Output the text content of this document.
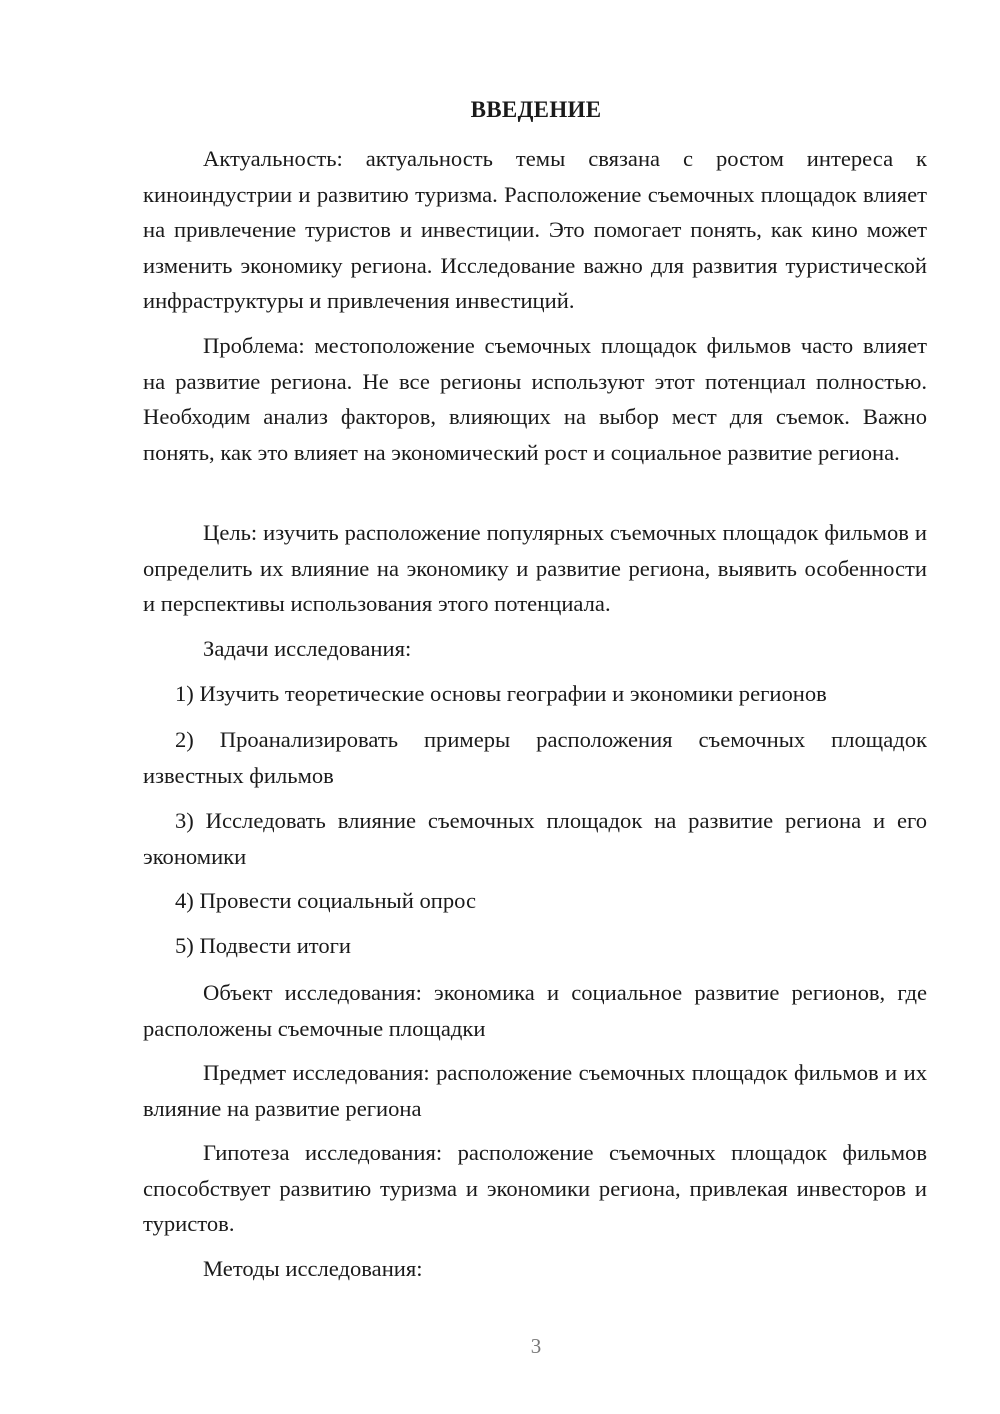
ВВЕДЕНИЕ

Актуальность: актуальность темы связана с ростом интереса к киноиндустрии и развитию туризма. Расположение съемочных площадок влияет на привлечение туристов и инвестиции. Это помогает понять, как кино может изменить экономику региона. Исследование важно для развития туристической инфраструктуры и привлечения инвестиций.

Проблема: местоположение съемочных площадок фильмов часто влияет на развитие региона. Не все регионы используют этот потенциал полностью. Необходим анализ факторов, влияющих на выбор мест для съемок. Важно понять, как это влияет на экономический рост и социальное развитие региона.

Цель: изучить расположение популярных съемочных площадок фильмов и определить их влияние на экономику и развитие региона, выявить особенности и перспективы использования этого потенциала.

Задачи исследования:

1) Изучить теоретические основы географии и экономики регионов

2) Проанализировать примеры расположения съемочных площадок известных фильмов

3) Исследовать влияние съемочных площадок на развитие региона и его экономики

4) Провести социальный опрос

5) Подвести итоги

Объект исследования: экономика и социальное развитие регионов, где расположены съемочные площадки

Предмет исследования: расположение съемочных площадок фильмов и их влияние на развитие региона

Гипотеза исследования: расположение съемочных площадок фильмов способствует развитию туризма и экономики региона, привлекая инвесторов и туристов.

Методы исследования:

3
